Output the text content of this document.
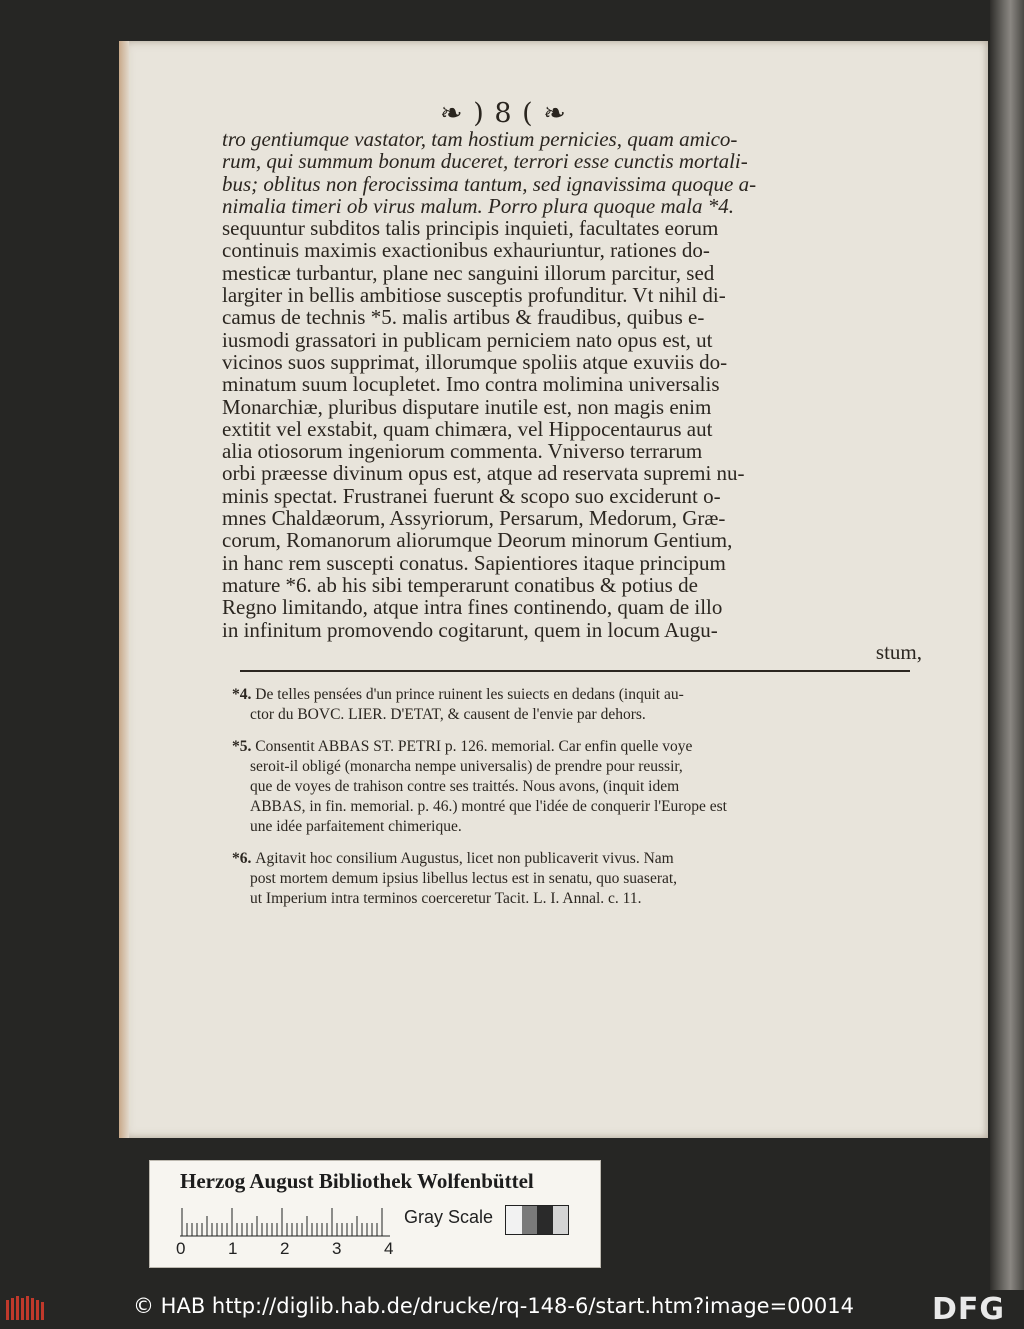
❧ ) 8 ( ❧
tro gentiumque vastator, tam hostium pernicies, quam amico-
rum, qui summum bonum duceret, terrori esse cunctis mortali-
bus; oblitus non ferocissima tantum, sed ignavissima quoque a-
nimalia timeri ob virus malum. Porro plura quoque mala *4.
sequuntur subditos talis principis inquieti, facultates eorum
continuis maximis exactionibus exhauriuntur, rationes do-
mesticæ turbantur, plane nec sanguini illorum parcitur, sed
largiter in bellis ambitiose susceptis profunditur. Vt nihil di-
camus de technis *5. malis artibus & fraudibus, quibus e-
iusmodi grassatori in publicam perniciem nato opus est, ut
vicinos suos supprimat, illorumque spoliis atque exuviis do-
minatum suum locupletet. Imo contra molimina universalis
Monarchiæ, pluribus disputare inutile est, non magis enim
extitit vel exstabit, quam chimæra, vel Hippocentaurus aut
alia otiosorum ingeniorum commenta. Vniverso terrarum
orbi præesse divinum opus est, atque ad reservata supremi nu-
minis spectat. Frustranei fuerunt & scopo suo exciderunt o-
mnes Chaldæorum, Assyriorum, Persarum, Medorum, Græ-
corum, Romanorum aliorumque Deorum minorum Gentium,
in hanc rem suscepti conatus. Sapientiores itaque principum
mature *6. ab his sibi temperarunt conatibus & potius de
Regno limitando, atque intra fines continendo, quam de illo
in infinitum promovendo cogitarunt, quem in locum Augu-
stum,
*4. De telles pensées d'un prince ruinent les suiects en dedans (inquit au-
ctor du BOVC. LIER. D'ETAT, & causent de l'envie par dehors.
*5. Consentit ABBAS ST. PETRI p. 126. memorial. Car enfin quelle voye
seroit-il obligé (monarcha nempe universalis) de prendre pour reussir,
que de voyes de trahison contre ses traittés. Nous avons, (inquit idem
ABBAS, in fin. memorial. p. 46.) montré que l'idée de conquerir l'Europe est
une idée parfaitement chimerique.
*6. Agitavit hoc consilium Augustus, licet non publicaverit vivus. Nam
post mortem demum ipsius libellus lectus est in senatu, quo suaserat,
ut Imperium intra terminos coerceretur Tacit. L. I. Annal. c. 11.
Herzog August Bibliothek Wolfenbüttel
0	1	2	3	4
Gray Scale
© HAB http://diglib.hab.de/drucke/rq-148-6/start.htm?image=00014	DFG
